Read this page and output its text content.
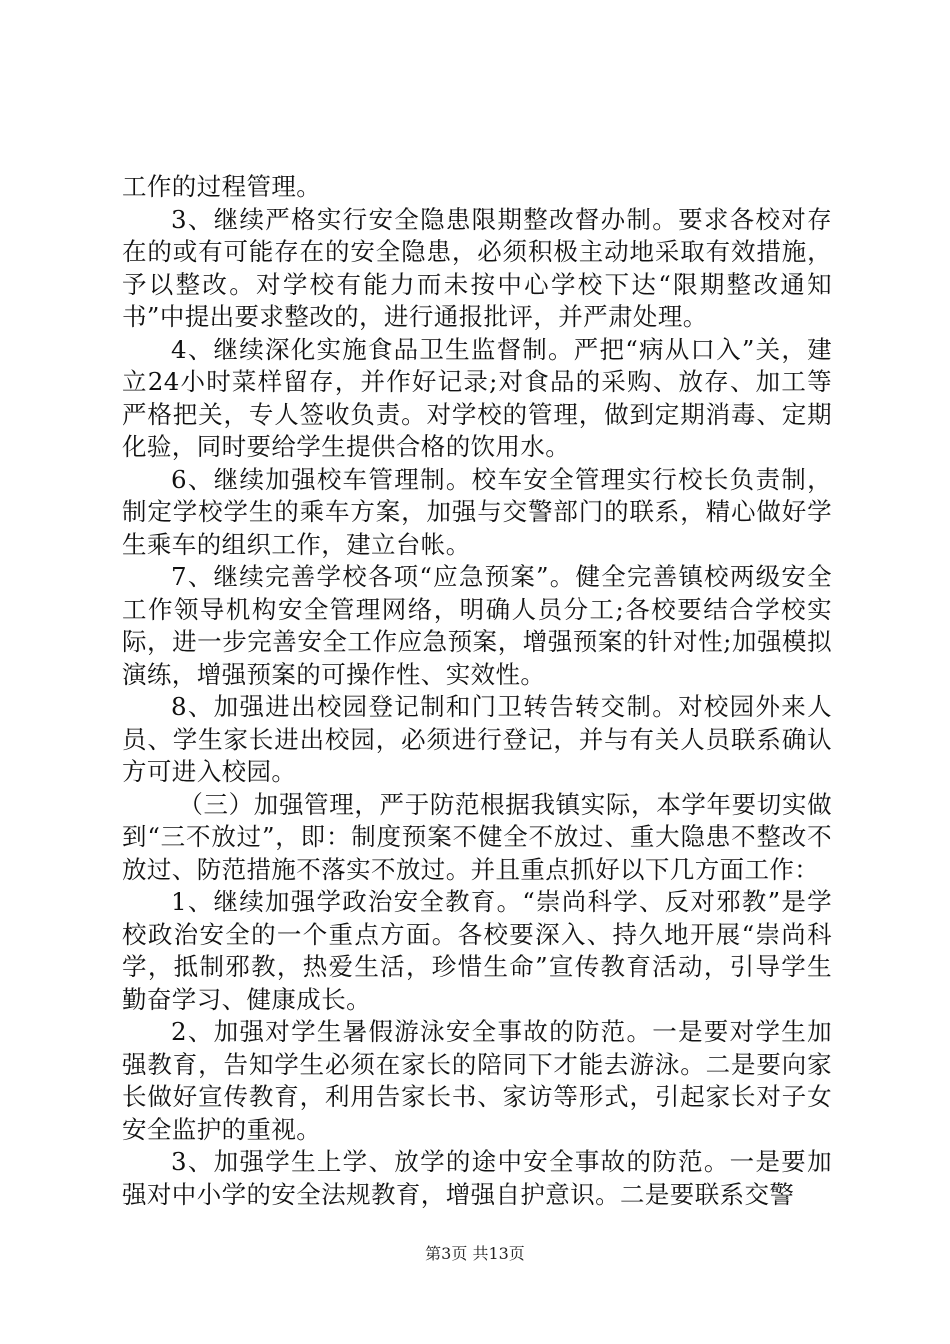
工作的过程管理。

3、继续严格实行安全隐患限期整改督办制。要求各校对存在的或有可能存在的安全隐患，必须积极主动地采取有效措施，予以整改。对学校有能力而未按中心学校下达“限期整改通知书”中提出要求整改的，进行通报批评，并严肃处理。

4、继续深化实施食品卫生监督制。严把“病从口入”关，建立24小时菜样留存，并作好记录;对食品的采购、放存、加工等严格把关，专人签收负责。对学校的管理，做到定期消毒、定期化验，同时要给学生提供合格的饮用水。

6、继续加强校车管理制。校车安全管理实行校长负责制，制定学校学生的乘车方案，加强与交警部门的联系，精心做好学生乘车的组织工作，建立台帐。

7、继续完善学校各项“应急预案”。健全完善镇校两级安全工作领导机构安全管理网络，明确人员分工;各校要结合学校实际，进一步完善安全工作应急预案，增强预案的针对性;加强模拟演练，增强预案的可操作性、实效性。

8、加强进出校园登记制和门卫转告转交制。对校园外来人员、学生家长进出校园，必须进行登记，并与有关人员联系确认方可进入校园。

（三）加强管理，严于防范根据我镇实际，本学年要切实做到“三不放过”，即：制度预案不健全不放过、重大隐患不整改不放过、防范措施不落实不放过。并且重点抓好以下几方面工作：

1、继续加强学政治安全教育。“崇尚科学、反对邪教”是学校政治安全的一个重点方面。各校要深入、持久地开展“崇尚科学，抵制邪教，热爱生活，珍惜生命”宣传教育活动，引导学生勤奋学习、健康成长。

2、加强对学生暑假游泳安全事故的防范。一是要对学生加强教育，告知学生必须在家长的陪同下才能去游泳。二是要向家长做好宣传教育，利用告家长书、家访等形式，引起家长对子女安全监护的重视。

3、加强学生上学、放学的途中安全事故的防范。一是要加强对中小学的安全法规教育，增强自护意识。二是要联系交警

第3页 共13页
